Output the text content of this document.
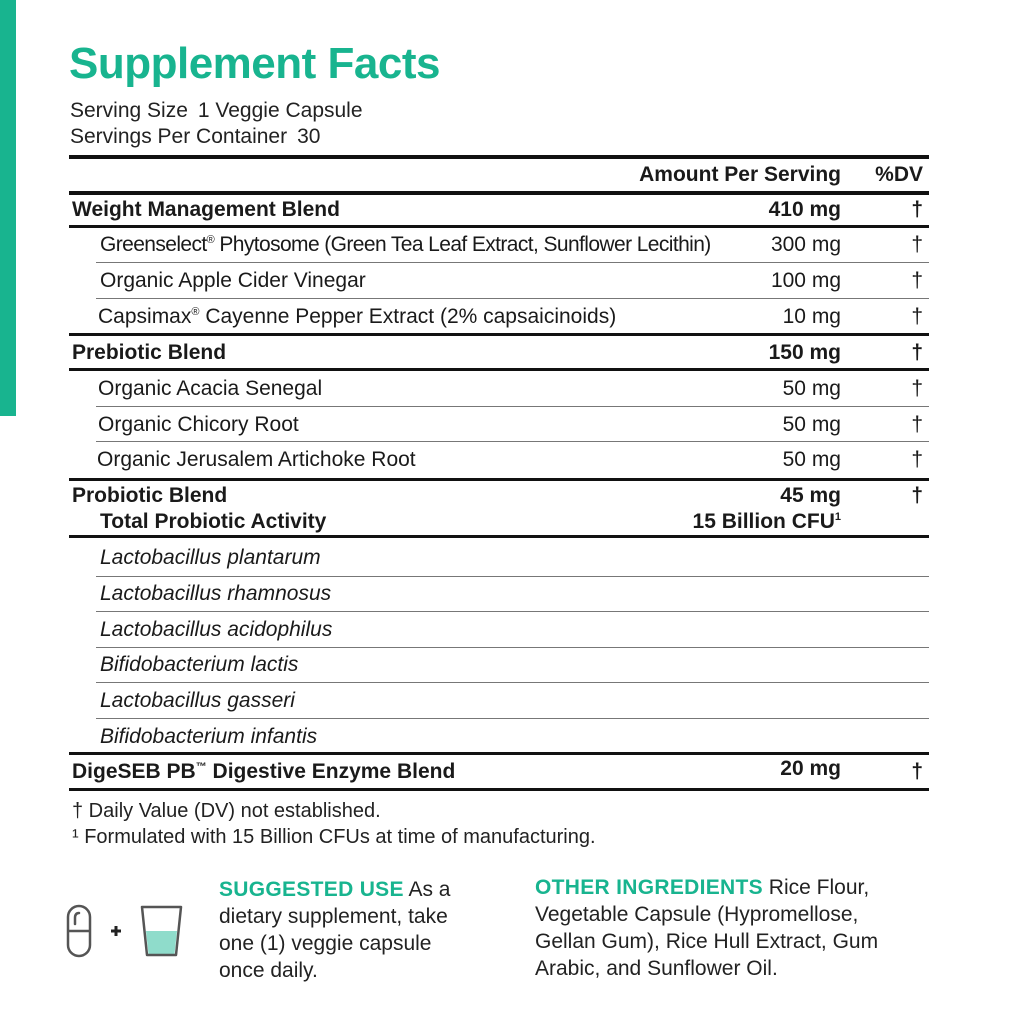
Supplement Facts
Serving Size 1 Veggie Capsule
Servings Per Container 30
Amount Per Serving %DV
Weight Management Blend	410 mg	†
Greenselect® Phytosome (Green Tea Leaf Extract, Sunflower Lecithin)	300 mg	†
Organic Apple Cider Vinegar	100 mg	†
Capsimax® Cayenne Pepper Extract (2% capsaicinoids)	10 mg	†
Prebiotic Blend	150 mg	†
Organic Acacia Senegal	50 mg	†
Organic Chicory Root	50 mg	†
Organic Jerusalem Artichoke Root	50 mg	†
Probiotic Blend	45 mg	†
Total Probiotic Activity	15 Billion CFU$^1$
Lactobacillus plantarum
Lactobacillus rhamnosus
Lactobacillus acidophilus
Bifidobacterium lactis
Lactobacillus gasseri
Bifidobacterium infantis
DigeSEB PB™ Digestive Enzyme Blend	20 mg	†
† Daily Value (DV) not established.
¹ Formulated with 15 Billion CFUs at time of manufacturing.
SUGGESTED USE As a dietary supplement, take one (1) veggie capsule once daily.
OTHER INGREDIENTS Rice Flour, Vegetable Capsule (Hypromellose, Gellan Gum), Rice Hull Extract, Gum Arabic, and Sunflower Oil.
